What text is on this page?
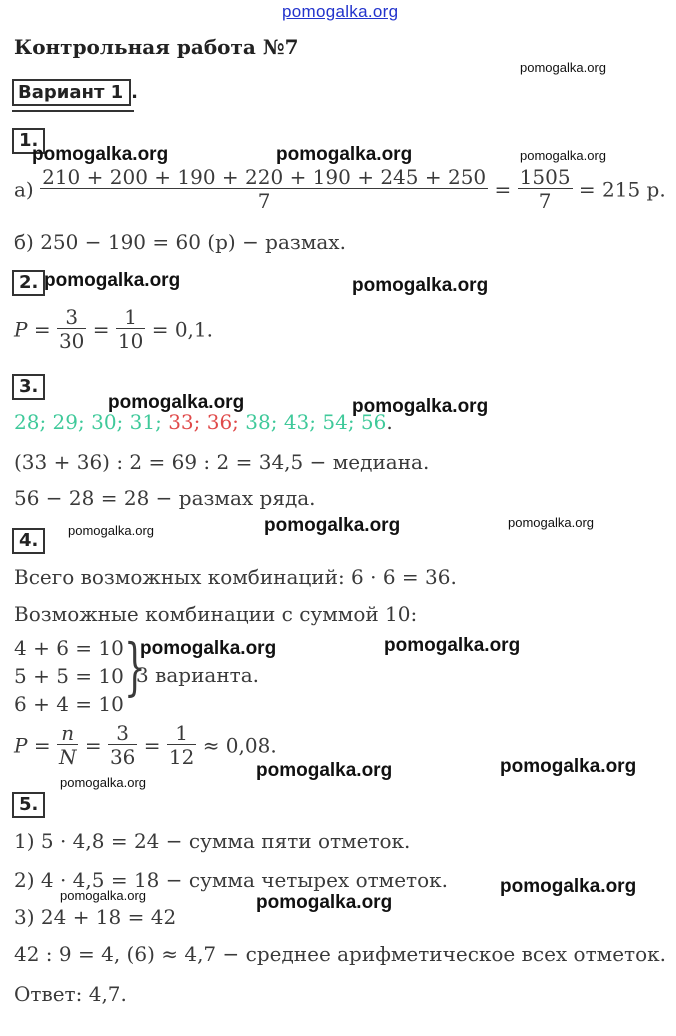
pomogalka.org
Контрольная работа №7
pomogalka.org
Вариант 1 .
1.
pomogalka.org	pomogalka.org	pomogalka.org
$а) \frac{210 + 200 + 190 + 220 + 190 + 245 + 250}{7} = \frac{1505}{7} = 215$ р.
б) 250 − 190 = 60 (р) − размах.
2. pomogalka.org	pomogalka.org
$P = \frac{3}{30} = \frac{1}{10} = 0,1$.
3.
pomogalka.org	pomogalka.org
28; 29; 30; 31; 33; 36; 38; 43; 54; 56.
(33 + 36) : 2 = 69 : 2 = 34,5 − медиана.
56 − 28 = 28 − размах ряда.
4.	pomogalka.org	pomogalka.org	pomogalka.org
Всего возможных комбинаций: 6 · 6 = 36.
Возможные комбинации с суммой 10:
4 + 6 = 10
5 + 5 = 10
6 + 4 = 10
}
pomogalka.org
3 варианта.
pomogalka.org
$P = \frac{n}{N} = \frac{3}{36} = \frac{1}{12} \approx 0,08$.
pomogalka.org	pomogalka.org
pomogalka.org
5.
1) 5 · 4,8 = 24 − сумма пяти отметок.
2) 4 · 4,5 = 18 − сумма четырех отметок.
pomogalka.org	pomogalka.org
3) 24 + 18 = 42
pomogalka.org
42 : 9 = 4, (6) ≈ 4,7 − среднее арифметическое всех отметок.
Ответ: 4,7.
